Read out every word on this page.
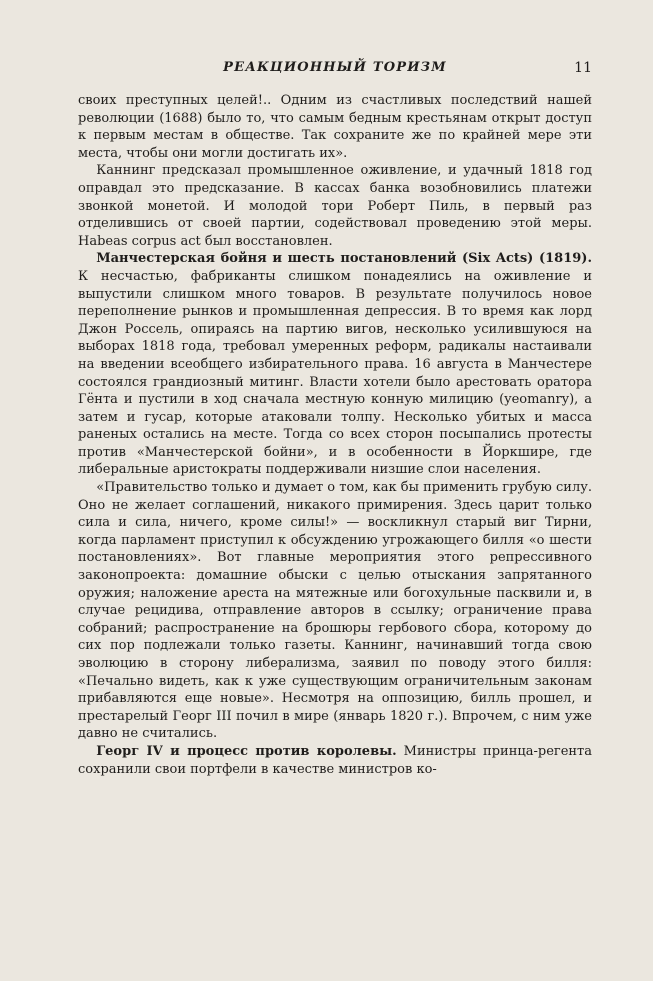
РЕАКЦИОННЫЙ ТОРИЗМ	11

своих преступных целей!.. Одним из счастливых последствий нашей революции (1688) было то, что самым бедным крестьянам открыт доступ к первым местам в обществе. Так сохраните же по крайней мере эти места, чтобы они могли достигать их».

Каннинг предсказал промышленное оживление, и удачный 1818 год оправдал это предсказание. В кассах банка возобновились платежи звонкой монетой. И молодой тори Роберт Пиль, в первый раз отделившись от своей партии, содействовал проведению этой меры. Habeas corpus act был восстановлен.

Манчестерская бойня и шесть постановлений (Six Acts) (1819). К несчастью, фабриканты слишком понадеялись на оживление и выпустили слишком много товаров. В результате получилось новое переполнение рынков и промышленная депрессия. В то время как лорд Джон Россель, опираясь на партию вигов, несколько усилившуюся на выборах 1818 года, требовал умеренных реформ, радикалы настаивали на введении всеобщего избирательного права. 16 августа в Манчестере состоялся грандиозный митинг. Власти хотели было арестовать оратора Гёнта и пустили в ход сначала местную конную милицию (yeomanry), а затем и гусар, которые атаковали толпу. Несколько убитых и масса раненых остались на месте. Тогда со всех сторон посыпались протесты против «Манчестерской бойни», и в особенности в Йоркшире, где либеральные аристократы поддерживали низшие слои населения.

«Правительство только и думает о том, как бы применить грубую силу. Оно не желает соглашений, никакого примирения. Здесь царит только сила и сила, ничего, кроме силы!» — воскликнул старый виг Тирни, когда парламент приступил к обсуждению угрожающего билля «о шести постановлениях». Вот главные мероприятия этого репрессивного законопроекта: домашние обыски с целью отыскания запрятанного оружия; наложение ареста на мятежные или богохульные пасквили и, в случае рецидива, отправление авторов в ссылку; ограничение права собраний; распространение на брошюры гербового сбора, которому до сих пор подлежали только газеты. Каннинг, начинавший тогда свою эволюцию в сторону либерализма, заявил по поводу этого билля: «Печально видеть, как к уже существующим ограничительным законам прибавляются еще новые». Несмотря на оппозицию, билль прошел, и престарелый Георг III почил в мире (январь 1820 г.). Впрочем, с ним уже давно не считались.

Георг IV и процесс против королевы. Министры принца-регента сохранили свои портфели в качестве министров ко-
